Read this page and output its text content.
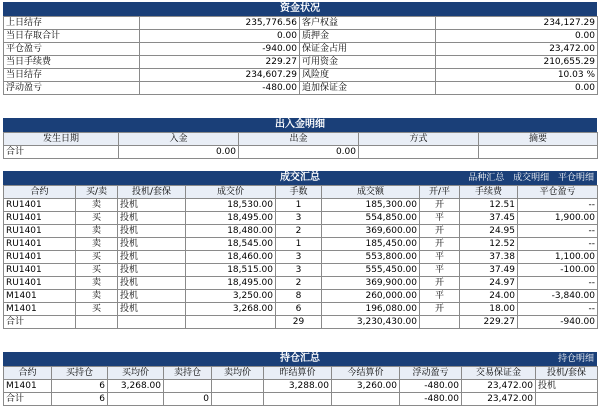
资金状况
上日结存	235,776.56	客户权益	234,127.29
当日存取合计	0.00	质押金	0.00
平仓盈亏	-940.00	保证金占用	23,472.00
当日手续费	229.27	可用资金	210,655.29
当日结存	234,607.29	风险度	10.03 %
浮动盈亏	-480.00	追加保证金	0.00
出入金明细
发生日期	入金	出金	方式	摘要
合计	0.00	0.00		
成交汇总	品种汇总 成交明细 平仓明细
合约	买/卖	投机/套保	成交价	手数	成交额	开/平	手续费	平仓盈亏
RU1401	卖	投机	18,530.00	1	185,300.00	开	12.51	--
RU1401	买	投机	18,495.00	3	554,850.00	平	37.45	1,900.00
RU1401	卖	投机	18,480.00	2	369,600.00	开	24.95	--
RU1401	卖	投机	18,545.00	1	185,450.00	开	12.52	--
RU1401	买	投机	18,460.00	3	553,800.00	平	37.38	1,100.00
RU1401	买	投机	18,515.00	3	555,450.00	平	37.49	-100.00
RU1401	卖	投机	18,495.00	2	369,900.00	开	24.97	--
M1401	卖	投机	3,250.00	8	260,000.00	平	24.00	-3,840.00
M1401	买	投机	3,268.00	6	196,080.00	开	18.00	--
合计				29	3,230,430.00		229.27	-940.00
持仓汇总	持仓明细
合约	买持仓	买均价	卖持仓	卖均价	昨结算价	今结算价	浮动盈亏	交易保证金	投机/套保
M1401	6	3,268.00			3,288.00	3,260.00	-480.00	23,472.00	投机
合计	6		0				-480.00	23,472.00	
